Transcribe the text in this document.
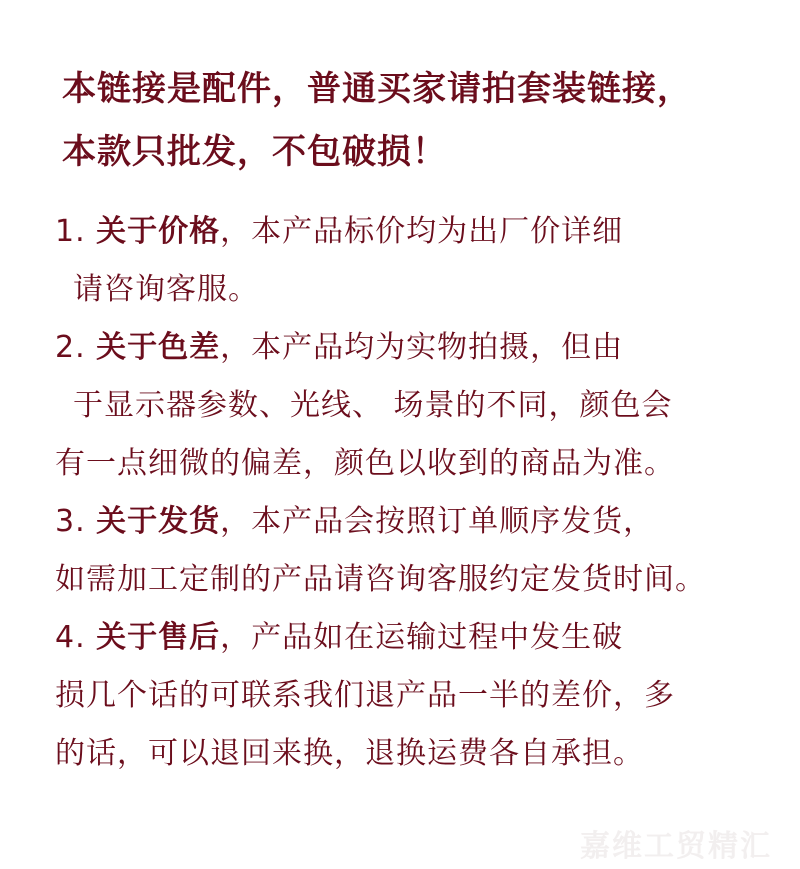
本链接是配件，普通买家请拍套装链接，
本款只批发，不包破损！
1. 关于价格，本产品标价均为出厂价详细
请咨询客服。
2. 关于色差，本产品均为实物拍摄，但由
于显示器参数、光线、 场景的不同，颜色会
有一点细微的偏差，颜色以收到的商品为准。
3. 关于发货，本产品会按照订单顺序发货，
如需加工定制的产品请咨询客服约定发货时间。
4. 关于售后，产品如在运输过程中发生破
损几个话的可联系我们退产品一半的差价，多
的话，可以退回来换，退换运费各自承担。
嘉维工贸精汇
